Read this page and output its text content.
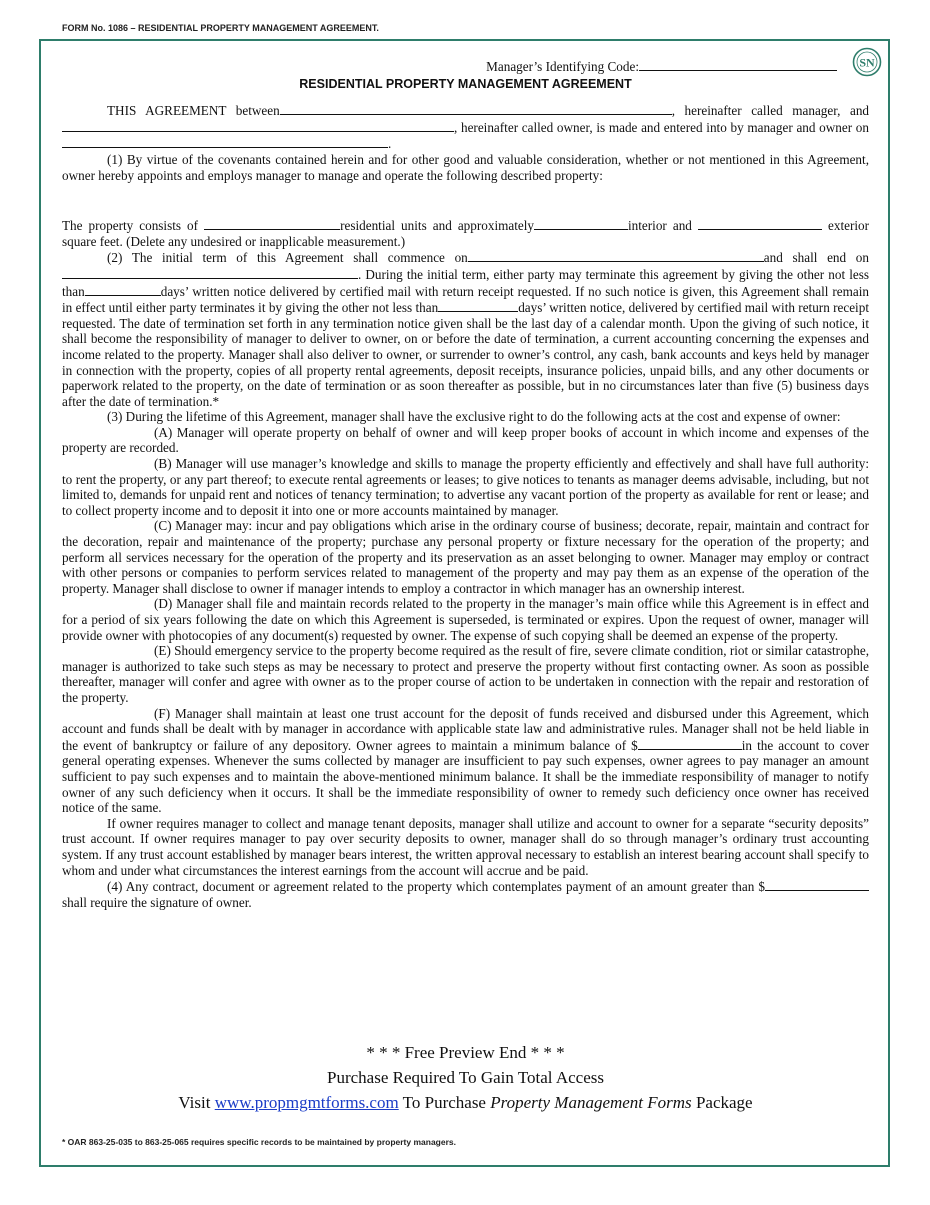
FORM No. 1086 – RESIDENTIAL PROPERTY MANAGEMENT AGREEMENT.
SN

Manager’s Identifying Code:

RESIDENTIAL PROPERTY MANAGEMENT AGREEMENT

THIS AGREEMENT between	, hereinafter called manager, and, hereinafter called owner, is made and entered into by manager and owner on.

(1) By virtue of the covenants contained herein and for other good and valuable consideration, whether or not mentioned in this Agreement, owner hereby appoints and employs manager to manage and operate the following described property:

The property consists of	residential units and approximately	interior and	exterior square feet. (Delete any undesired or inapplicable measurement.)

(2) The initial term of this Agreement shall commence on	and shall end on . During the initial term, either party may terminate this agreement by giving the other not less than	days’ written notice delivered by certified mail with return receipt requested. If no such notice is given, this Agreement shall remain in effect until either party terminates it by giving the other not less than	days’ written notice, delivered by certified mail with return receipt requested. The date of termination set forth in any termination notice given shall be the last day of a calendar month. Upon the giving of such notice, it shall become the responsibility of manager to deliver to owner, on or before the date of termination, a current accounting concerning the expenses and income related to the property. Manager shall also deliver to owner, or surrender to owner’s control, any cash, bank accounts and keys held by manager in connection with the property, copies of all property rental agreements, deposit receipts, insurance policies, unpaid bills, and any other documents or paperwork related to the property, on the date of termination or as soon thereafter as possible, but in no circumstances later than five (5) business days after the date of termination.*

(3) During the lifetime of this Agreement, manager shall have the exclusive right to do the following acts at the cost and expense of owner:

(A) Manager will operate property on behalf of owner and will keep proper books of account in which income and expenses of the property are recorded.

(B) Manager will use manager’s knowledge and skills to manage the property efficiently and effectively and shall have full authority: to rent the property, or any part thereof; to execute rental agreements or leases; to give notices to tenants as manager deems advisable, including, but not limited to, demands for unpaid rent and notices of tenancy termination; to advertise any vacant portion of the property as available for rent or lease; and to collect property income and to deposit it into one or more accounts maintained by manager.

(C) Manager may: incur and pay obligations which arise in the ordinary course of business; decorate, repair, maintain and contract for the decoration, repair and maintenance of the property; purchase any personal property or fixture necessary for the operation of the property; and perform all services necessary for the operation of the property and its preservation as an asset belonging to owner. Manager may employ or contract with other persons or companies to perform services related to management of the property and may pay them as an expense of the operation of the property. Manager shall disclose to owner if manager intends to employ a contractor in which manager has an ownership interest.

(D) Manager shall file and maintain records related to the property in the manager’s main office while this Agreement is in effect and for a period of six years following the date on which this Agreement is superseded, is terminated or expires. Upon the request of owner, manager will provide owner with photocopies of any document(s) requested by owner. The expense of such copying shall be deemed an expense of the property.

(E) Should emergency service to the property become required as the result of fire, severe climate condition, riot or similar catastrophe, manager is authorized to take such steps as may be necessary to protect and preserve the property without first contacting owner. As soon as possible thereafter, manager will confer and agree with owner as to the proper course of action to be undertaken in connection with the repair and restoration of the property.

(F) Manager shall maintain at least one trust account for the deposit of funds received and disbursed under this Agreement, which account and funds shall be dealt with by manager in accordance with applicable state law and administrative rules. Manager shall not be held liable in the event of bankruptcy or failure of any depository. Owner agrees to maintain a minimum balance of $	in the account to cover general operating expenses. Whenever the sums collected by manager are insufficient to pay such expenses, owner agrees to pay manager an amount sufficient to pay such expenses and to maintain the above-mentioned minimum balance. It shall be the immediate responsibility of manager to notify owner of any such deficiency when it occurs. It shall be the immediate responsibility of owner to remedy such deficiency once owner has received notice of the same.

If owner requires manager to collect and manage tenant deposits, manager shall utilize and account to owner for a separate “security deposits” trust account. If owner requires manager to pay over security deposits to owner, manager shall do so through manager’s ordinary trust accounting system. If any trust account established by manager bears interest, the written approval necessary to establish an interest bearing account shall specify to whom and under what circumstances the interest earnings from the account will accrue and be paid.

(4) Any contract, document or agreement related to the property which contemplates payment of an amount greater than $shall require the signature of owner.

* * * Free Preview End * * *
Purchase Required To Gain Total Access
Visit www.propmgmtforms.com To Purchase Property Management Forms Package
* OAR 863-25-035 to 863-25-065 requires specific records to be maintained by property managers.
